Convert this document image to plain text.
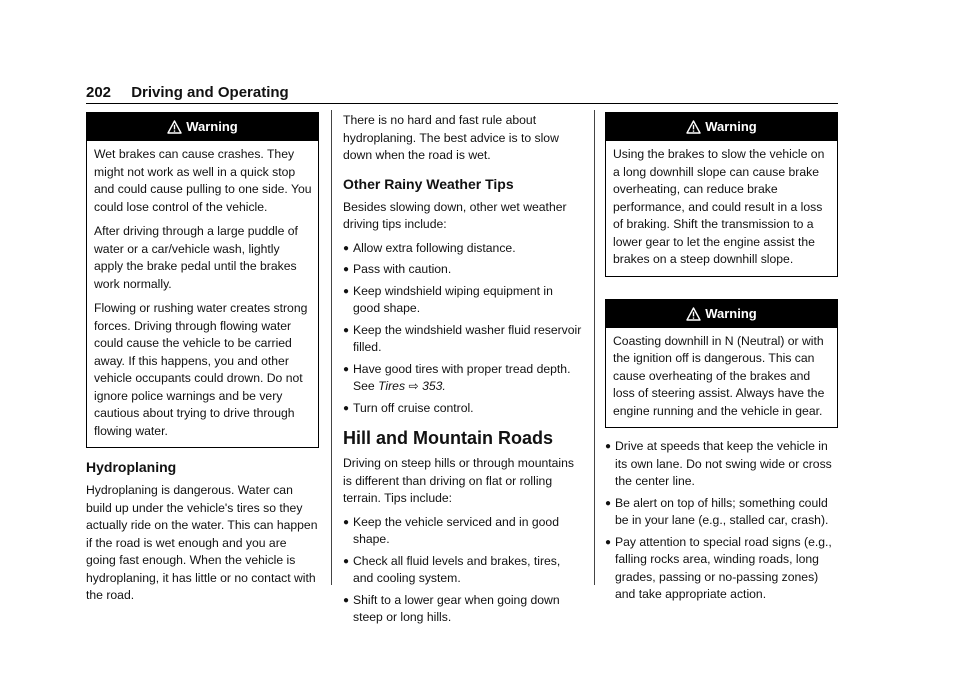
202 Driving and Operating
Warning

Wet brakes can cause crashes. They might not work as well in a quick stop and could cause pulling to one side. You could lose control of the vehicle.

After driving through a large puddle of water or a car/vehicle wash, lightly apply the brake pedal until the brakes work normally.

Flowing or rushing water creates strong forces. Driving through flowing water could cause the vehicle to be carried away. If this happens, you and other vehicle occupants could drown. Do not ignore police warnings and be very cautious about trying to drive through flowing water.

Hydroplaning

Hydroplaning is dangerous. Water can build up under the vehicle's tires so they actually ride on the water. This can happen if the road is wet enough and you are going fast enough. When the vehicle is hydroplaning, it has little or no contact with the road.

There is no hard and fast rule about hydroplaning. The best advice is to slow down when the road is wet.

Other Rainy Weather Tips

Besides slowing down, other wet weather driving tips include:

● Allow extra following distance.
● Pass with caution.
● Keep windshield wiping equipment in good shape.
● Keep the windshield washer fluid reservoir filled.
● Have good tires with proper tread depth. See Tires ⇨ 353.
● Turn off cruise control.
Hill and Mountain Roads

Driving on steep hills or through mountains is different than driving on flat or rolling terrain. Tips include:

● Keep the vehicle serviced and in good shape.
● Check all fluid levels and brakes, tires, and cooling system.
● Shift to a lower gear when going down steep or long hills.
Warning

Using the brakes to slow the vehicle on a long downhill slope can cause brake overheating, can reduce brake performance, and could result in a loss of braking. Shift the transmission to a lower gear to let the engine assist the brakes on a steep downhill slope.

Warning

Coasting downhill in N (Neutral) or with the ignition off is dangerous. This can cause overheating of the brakes and loss of steering assist. Always have the engine running and the vehicle in gear.

● Drive at speeds that keep the vehicle in its own lane. Do not swing wide or cross the center line.
● Be alert on top of hills; something could be in your lane (e.g., stalled car, crash).
● Pay attention to special road signs (e.g., falling rocks area, winding roads, long grades, passing or no-passing zones) and take appropriate action.
